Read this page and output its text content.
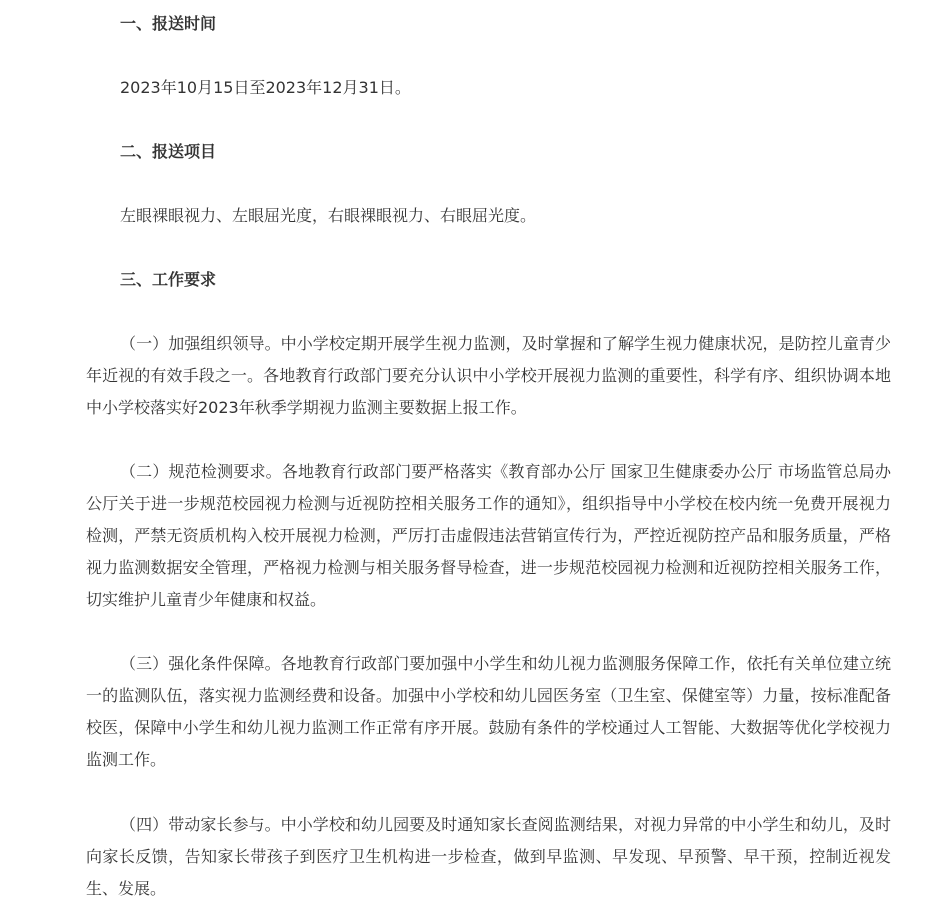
一、报送时间

2023年10月15日至2023年12月31日。

二、报送项目

左眼裸眼视力、左眼屈光度，右眼裸眼视力、右眼屈光度。

三、工作要求

（一）加强组织领导。中小学校定期开展学生视力监测，及时掌握和了解学生视力健康状况，是防控儿童青少年近视的有效手段之一。各地教育行政部门要充分认识中小学校开展视力监测的重要性，科学有序、组织协调本地中小学校落实好2023年秋季学期视力监测主要数据上报工作。

（二）规范检测要求。各地教育行政部门要严格落实《教育部办公厅 国家卫生健康委办公厅 市场监管总局办公厅关于进一步规范校园视力检测与近视防控相关服务工作的通知》，组织指导中小学校在校内统一免费开展视力检测，严禁无资质机构入校开展视力检测，严厉打击虚假违法营销宣传行为，严控近视防控产品和服务质量，严格视力监测数据安全管理，严格视力检测与相关服务督导检查，进一步规范校园视力检测和近视防控相关服务工作，切实维护儿童青少年健康和权益。

（三）强化条件保障。各地教育行政部门要加强中小学生和幼儿视力监测服务保障工作，依托有关单位建立统一的监测队伍，落实视力监测经费和设备。加强中小学校和幼儿园医务室（卫生室、保健室等）力量，按标准配备校医，保障中小学生和幼儿视力监测工作正常有序开展。鼓励有条件的学校通过人工智能、大数据等优化学校视力监测工作。

（四）带动家长参与。中小学校和幼儿园要及时通知家长查阅监测结果，对视力异常的中小学生和幼儿，及时向家长反馈，告知家长带孩子到医疗卫生机构进一步检查，做到早监测、早发现、早预警、早干预，控制近视发生、发展。
